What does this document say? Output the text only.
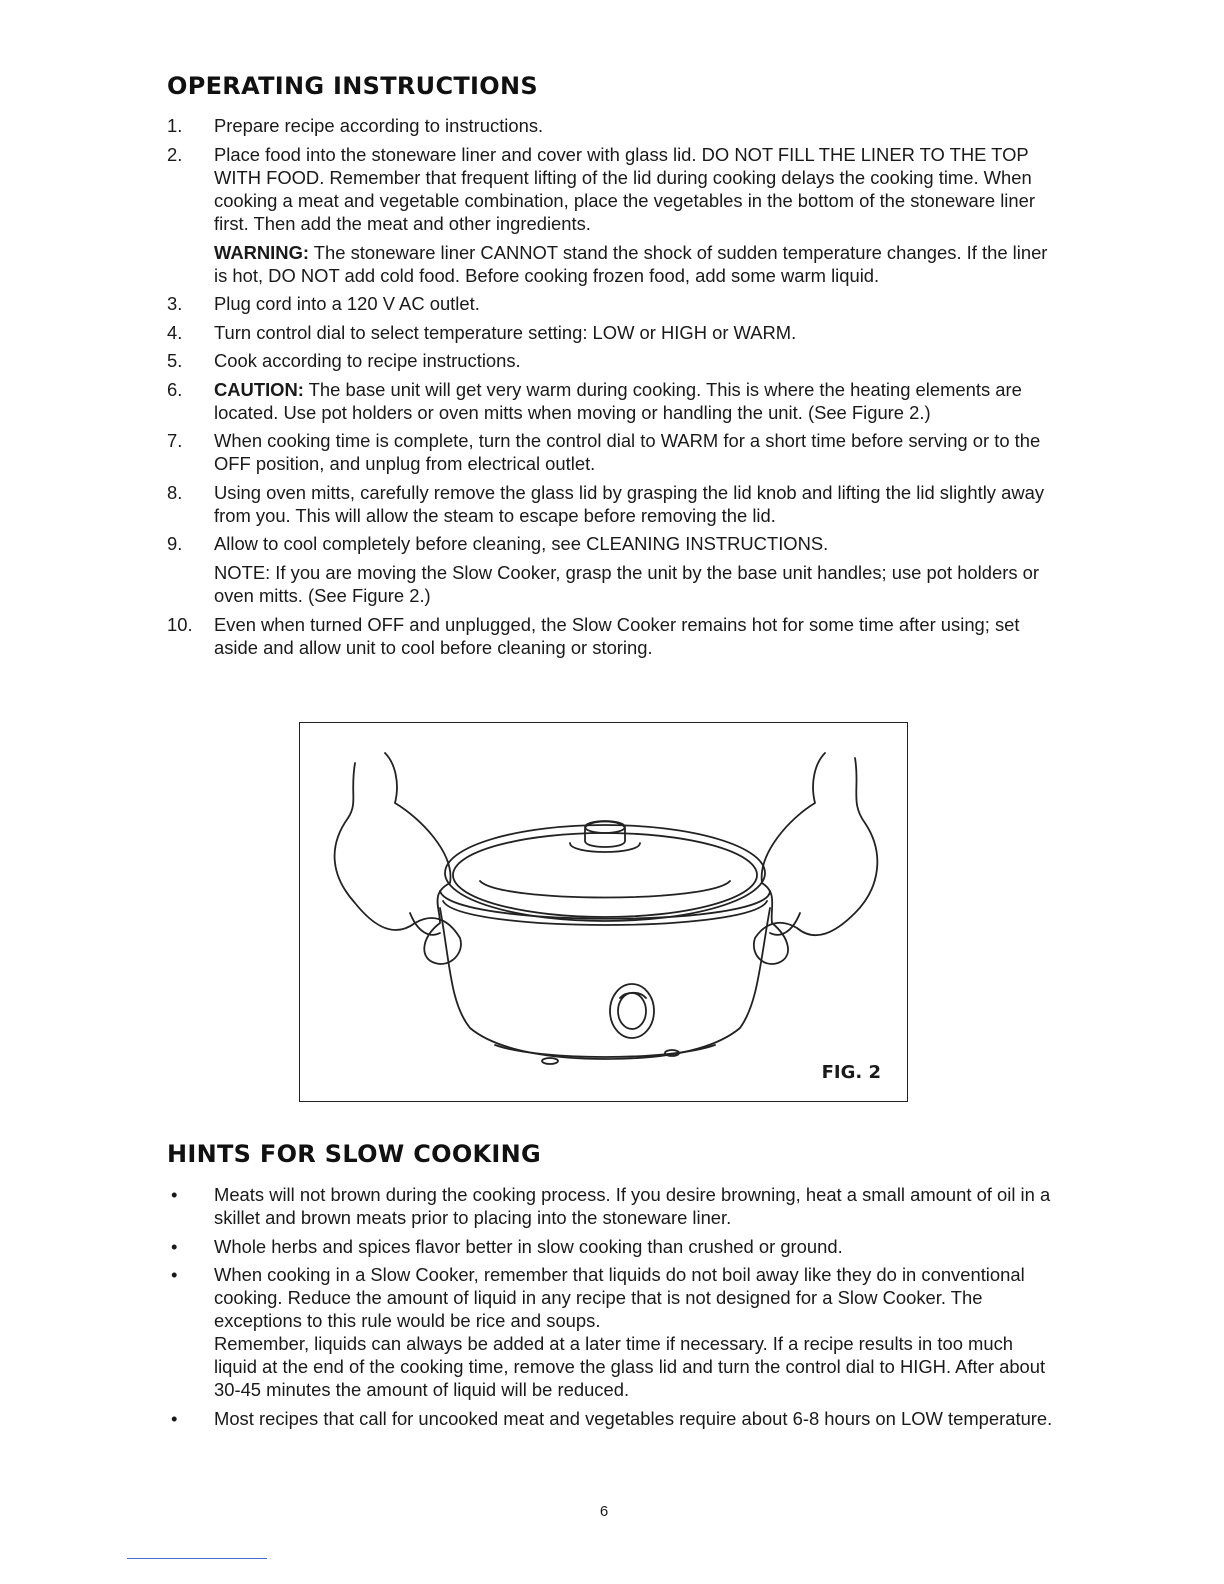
OPERATING INSTRUCTIONS
1. Prepare recipe according to instructions.
2. Place food into the stoneware liner and cover with glass lid. DO NOT FILL THE LINER TO THE TOP WITH FOOD. Remember that frequent lifting of the lid during cooking delays the cooking time. When cooking a meat and vegetable combination, place the vegetables in the bottom of the stoneware liner first. Then add the meat and other ingredients.
WARNING: The stoneware liner CANNOT stand the shock of sudden temperature changes. If the liner is hot, DO NOT add cold food. Before cooking frozen food, add some warm liquid.
3. Plug cord into a 120 V AC outlet.
4. Turn control dial to select temperature setting: LOW or HIGH or WARM.
5. Cook according to recipe instructions.
6. CAUTION: The base unit will get very warm during cooking. This is where the heating elements are located. Use pot holders or oven mitts when moving or handling the unit. (See Figure 2.)
7. When cooking time is complete, turn the control dial to WARM for a short time before serving or to the OFF position, and unplug from electrical outlet.
8. Using oven mitts, carefully remove the glass lid by grasping the lid knob and lifting the lid slightly away from you. This will allow the steam to escape before removing the lid.
9. Allow to cool completely before cleaning, see CLEANING INSTRUCTIONS.
NOTE: If you are moving the Slow Cooker, grasp the unit by the base unit handles; use pot holders or oven mitts. (See Figure 2.)
10. Even when turned OFF and unplugged, the Slow Cooker remains hot for some time after using; set aside and allow unit to cool before cleaning or storing.
FIG. 2
HINTS FOR SLOW COOKING
• Meats will not brown during the cooking process. If you desire browning, heat a small amount of oil in a skillet and brown meats prior to placing into the stoneware liner.
• Whole herbs and spices flavor better in slow cooking than crushed or ground.
• When cooking in a Slow Cooker, remember that liquids do not boil away like they do in conventional cooking. Reduce the amount of liquid in any recipe that is not designed for a Slow Cooker. The exceptions to this rule would be rice and soups.
Remember, liquids can always be added at a later time if necessary. If a recipe results in too much liquid at the end of the cooking time, remove the glass lid and turn the control dial to HIGH. After about 30-45 minutes the amount of liquid will be reduced.
• Most recipes that call for uncooked meat and vegetables require about 6-8 hours on LOW temperature.
6
